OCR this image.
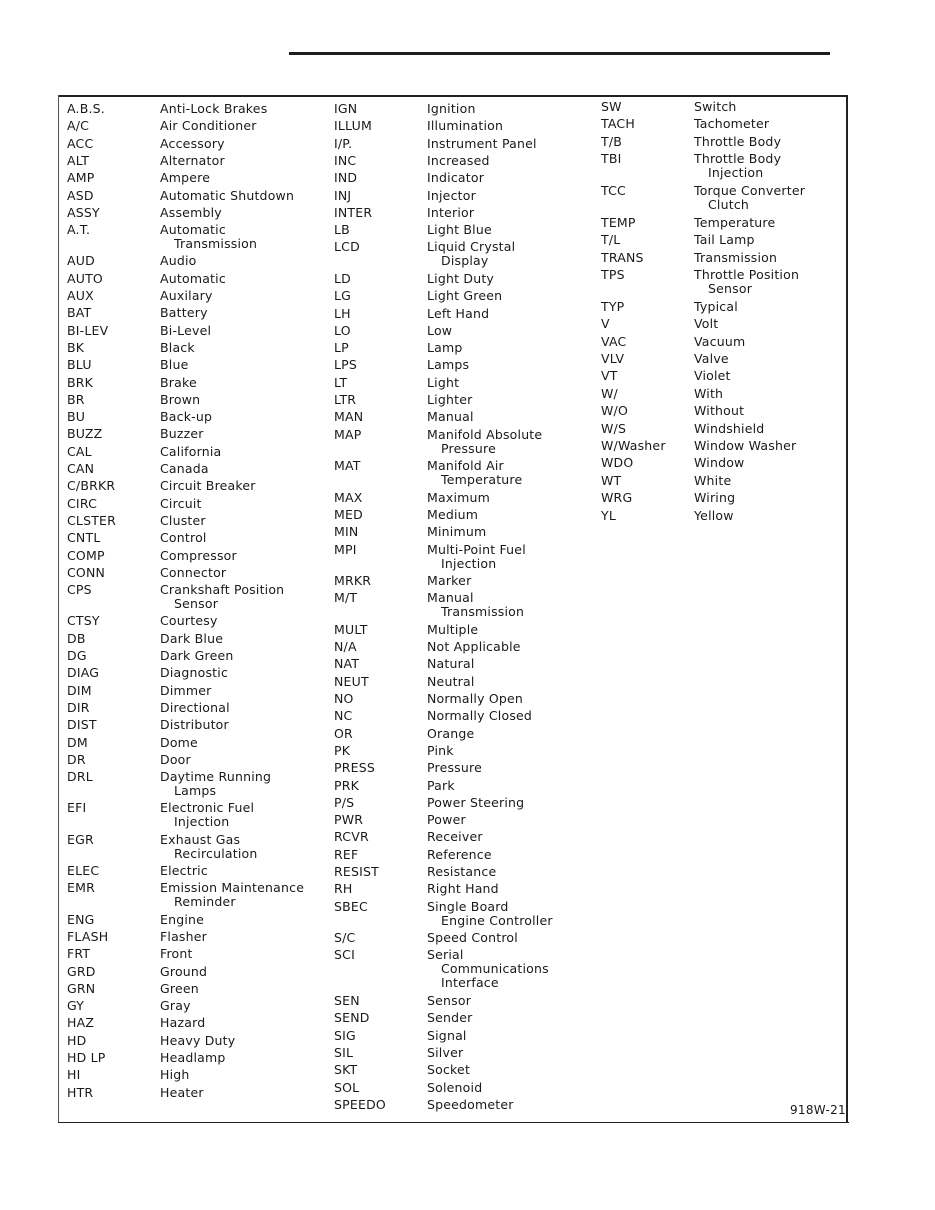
A.B.S.	Anti-Lock Brakes
A/C	Air Conditioner
ACC	Accessory
ALT	Alternator
AMP	Ampere
ASD	Automatic Shutdown
ASSY	Assembly
A.T.	Automatic
Transmission
AUD	Audio
AUTO	Automatic
AUX	Auxilary
BAT	Battery
BI-LEV	Bi-Level
BK	Black
BLU	Blue
BRK	Brake
BR	Brown
BU	Back-up
BUZZ	Buzzer
CAL	California
CAN	Canada
C/BRKR	Circuit Breaker
CIRC	Circuit
CLSTER	Cluster
CNTL	Control
COMP	Compressor
CONN	Connector
CPS	Crankshaft Position
Sensor
CTSY	Courtesy
DB	Dark Blue
DG	Dark Green
DIAG	Diagnostic
DIM	Dimmer
DIR	Directional
DIST	Distributor
DM	Dome
DR	Door
DRL	Daytime Running
Lamps
EFI	Electronic Fuel
Injection
EGR	Exhaust Gas
Recirculation
ELEC	Electric
EMR	Emission Maintenance
Reminder
ENG	Engine
FLASH	Flasher
FRT	Front
GRD	Ground
GRN	Green
GY	Gray
HAZ	Hazard
HD	Heavy Duty
HD LP	Headlamp
HI	High
HTR	Heater
IGN	Ignition
ILLUM	Illumination
I/P.	Instrument Panel
INC	Increased
IND	Indicator
INJ	Injector
INTER	Interior
LB	Light Blue
LCD	Liquid Crystal
Display
LD	Light Duty
LG	Light Green
LH	Left Hand
LO	Low
LP	Lamp
LPS	Lamps
LT	Light
LTR	Lighter
MAN	Manual
MAP	Manifold Absolute
Pressure
MAT	Manifold Air
Temperature
MAX	Maximum
MED	Medium
MIN	Minimum
MPI	Multi-Point Fuel
Injection
MRKR	Marker
M/T	Manual
Transmission
MULT	Multiple
N/A	Not Applicable
NAT	Natural
NEUT	Neutral
NO	Normally Open
NC	Normally Closed
OR	Orange
PK	Pink
PRESS	Pressure
PRK	Park
P/S	Power Steering
PWR	Power
RCVR	Receiver
REF	Reference
RESIST	Resistance
RH	Right Hand
SBEC	Single Board
Engine Controller
S/C	Speed Control
SCI	Serial
Communications
Interface
SEN	Sensor
SEND	Sender
SIG	Signal
SIL	Silver
SKT	Socket
SOL	Solenoid
SPEEDO	Speedometer
SW	Switch
TACH	Tachometer
T/B	Throttle Body
TBI	Throttle Body
Injection
TCC	Torque Converter
Clutch
TEMP	Temperature
T/L	Tail Lamp
TRANS	Transmission
TPS	Throttle Position
Sensor
TYP	Typical
V	Volt
VAC	Vacuum
VLV	Valve
VT	Violet
W/	With
W/O	Without
W/S	Windshield
W/Washer Window Washer
WDO	Window
WT	White
WRG	Wiring
YL	Yellow
918W-21
